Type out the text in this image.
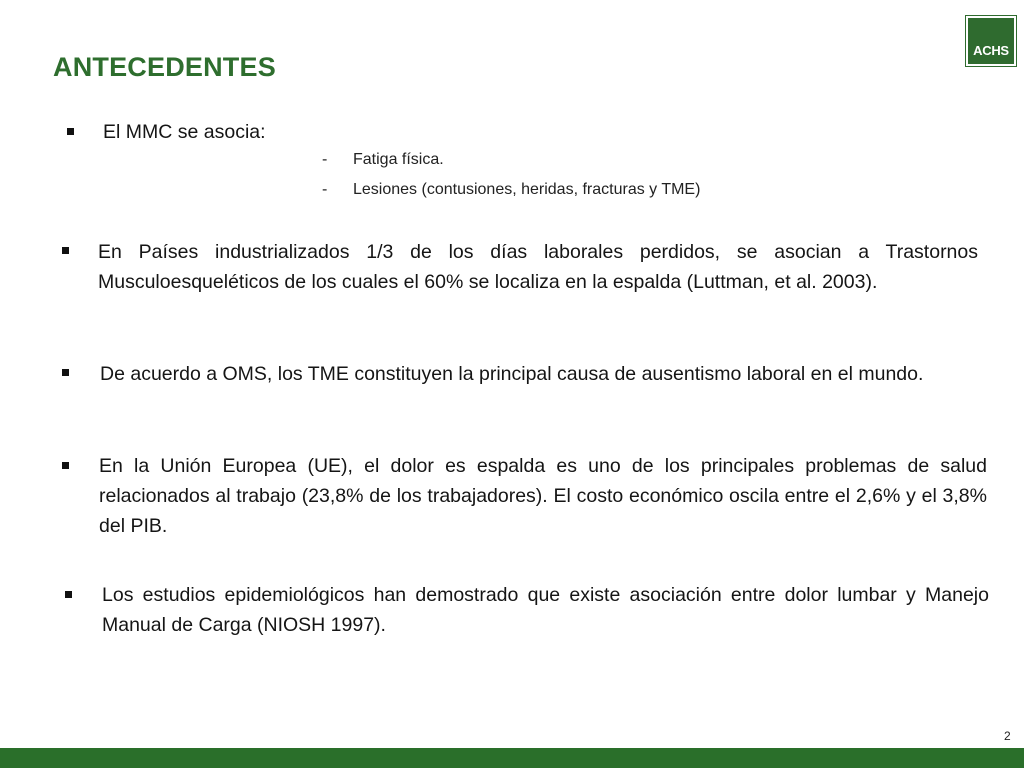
ANTECEDENTES
ACHS
El MMC se asocia:
- Fatiga física.
- Lesiones (contusiones, heridas, fracturas y TME)
En Países industrializados 1/3 de los días laborales perdidos, se asocian a Trastornos Musculoesqueléticos de los cuales el 60% se localiza en la espalda (Luttman, et al. 2003).
De acuerdo a OMS, los TME constituyen la principal causa de ausentismo laboral en el mundo.
En la Unión Europea (UE), el dolor es espalda es uno de los principales problemas de salud relacionados al trabajo (23,8% de los trabajadores). El costo económico oscila entre el 2,6% y el 3,8% del PIB.
Los estudios epidemiológicos han demostrado que existe asociación entre dolor lumbar y Manejo Manual de Carga (NIOSH 1997).
2
